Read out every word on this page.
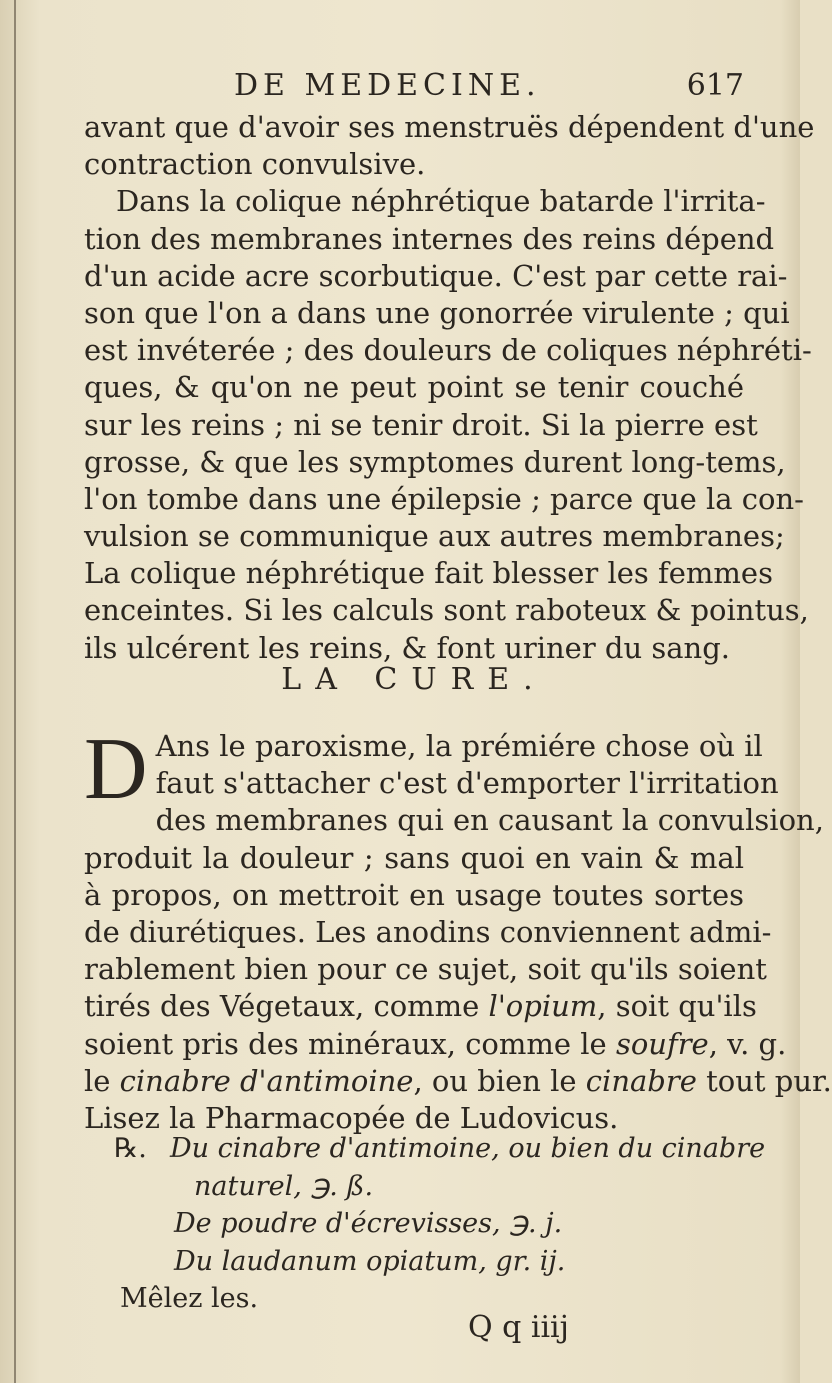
DE MEDECINE.	617
avant que d'avoir ses menstruës dépendent d'une
contraction convulsive.
Dans la colique néphrétique batarde l'irrita-
tion des membranes internes des reins dépend
d'un acide acre scorbutique. C'est par cette rai-
son que l'on a dans une gonorrée virulente ; qui
est invéterée ; des douleurs de coliques néphréti-
ques, & qu'on ne peut point se tenir couché
sur les reins ; ni se tenir droit. Si la pierre est
grosse, & que les symptomes durent long-tems,
l'on tombe dans une épilepsie ; parce que la con-
vulsion se communique aux autres membranes;
La colique néphrétique fait blesser les femmes
enceintes. Si les calculs sont raboteux & pointus,
ils ulcérent les reins, & font uriner du sang.
LA CURE.
D Ans le paroxisme, la prémiére chose où il
faut s'attacher c'est d'emporter l'irritation
des membranes qui en causant la convulsion,
produit la douleur ; sans quoi en vain & mal
à propos, on mettroit en usage toutes sortes
de diurétiques. Les anodins conviennent admi-
rablement bien pour ce sujet, soit qu'ils soient
tirés des Végetaux, comme l'opium, soit qu'ils
soient pris des minéraux, comme le soufre, v. g.
le cinabre d'antimoine, ou bien le cinabre tout pur.
Lisez la Pharmacopée de Ludovicus.
℞. Du cinabre d'antimoine, ou bien du cinabre
naturel, ℈. ß.
De poudre d'écrevisses, ℈. j.
Du laudanum opiatum, gr. ij.
Mêlez les.
Q q iiij
